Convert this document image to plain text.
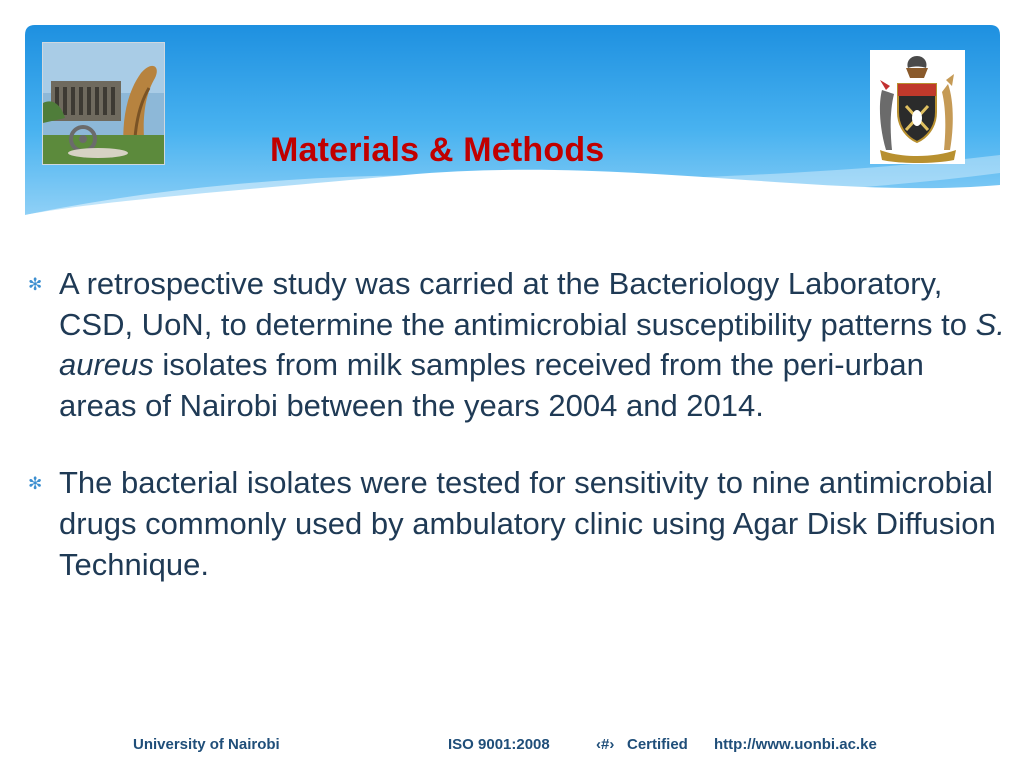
Materials & Methods

✻ A retrospective study was carried at the Bacteriology Laboratory, CSD, UoN, to determine the antimicrobial susceptibility patterns to S. aureus isolates from milk samples received from the peri-urban areas of Nairobi between the years 2004 and 2014.

✻ The bacterial isolates were tested for sensitivity to nine antimicrobial drugs commonly used by ambulatory clinic using Agar Disk Diffusion Technique.

University of Nairobi	ISO 9001:2008	‹#› Certified http://www.uonbi.ac.ke
